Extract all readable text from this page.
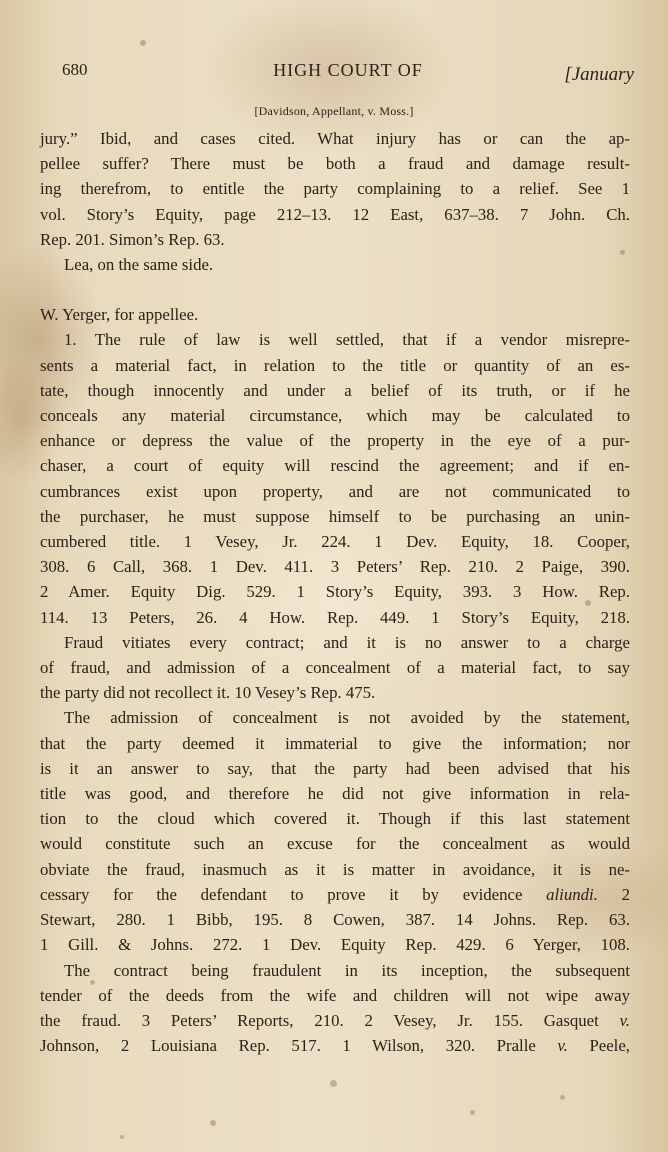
680	HIGH COURT OF	[January
[Davidson, Appellant, v. Moss.]
jury.” Ibid, and cases cited. What injury has or can the ap-
pellee suffer? There must be both a fraud and damage result-
ing therefrom, to entitle the party complaining to a relief. See 1
vol. Story’s Equity, page 212–13. 12 East, 637–38. 7 John. Ch.
Rep. 201. Simon’s Rep. 63.
Lea, on the same side.
W. Yerger, for appellee.
1. The rule of law is well settled, that if a vendor misrepre-
sents a material fact, in relation to the title or quantity of an es-
tate, though innocently and under a belief of its truth, or if he
conceals any material circumstance, which may be calculated to
enhance or depress the value of the property in the eye of a pur-
chaser, a court of equity will rescind the agreement; and if en-
cumbrances exist upon property, and are not communicated to
the purchaser, he must suppose himself to be purchasing an unin-
cumbered title. 1 Vesey, Jr. 224. 1 Dev. Equity, 18. Cooper,
308. 6 Call, 368. 1 Dev. 411. 3 Peters’ Rep. 210. 2 Paige, 390.
2 Amer. Equity Dig. 529. 1 Story’s Equity, 393. 3 How. Rep.
114. 13 Peters, 26. 4 How. Rep. 449. 1 Story’s Equity, 218.
Fraud vitiates every contract; and it is no answer to a charge
of fraud, and admission of a concealment of a material fact, to say
the party did not recollect it. 10 Vesey’s Rep. 475.
The admission of concealment is not avoided by the statement,
that the party deemed it immaterial to give the information; nor
is it an answer to say, that the party had been advised that his
title was good, and therefore he did not give information in rela-
tion to the cloud which covered it. Though if this last statement
would constitute such an excuse for the concealment as would
obviate the fraud, inasmuch as it is matter in avoidance, it is ne-
cessary for the defendant to prove it by evidence aliundi. 2
Stewart, 280. 1 Bibb, 195. 8 Cowen, 387. 14 Johns. Rep. 63.
1 Gill. & Johns. 272. 1 Dev. Equity Rep. 429. 6 Yerger, 108.
The contract being fraudulent in its inception, the subsequent
tender of the deeds from the wife and children will not wipe away
the fraud. 3 Peters’ Reports, 210. 2 Vesey, Jr. 155. Gasquet v.
Johnson, 2 Louisiana Rep. 517. 1 Wilson, 320. Pralle v. Peele,
